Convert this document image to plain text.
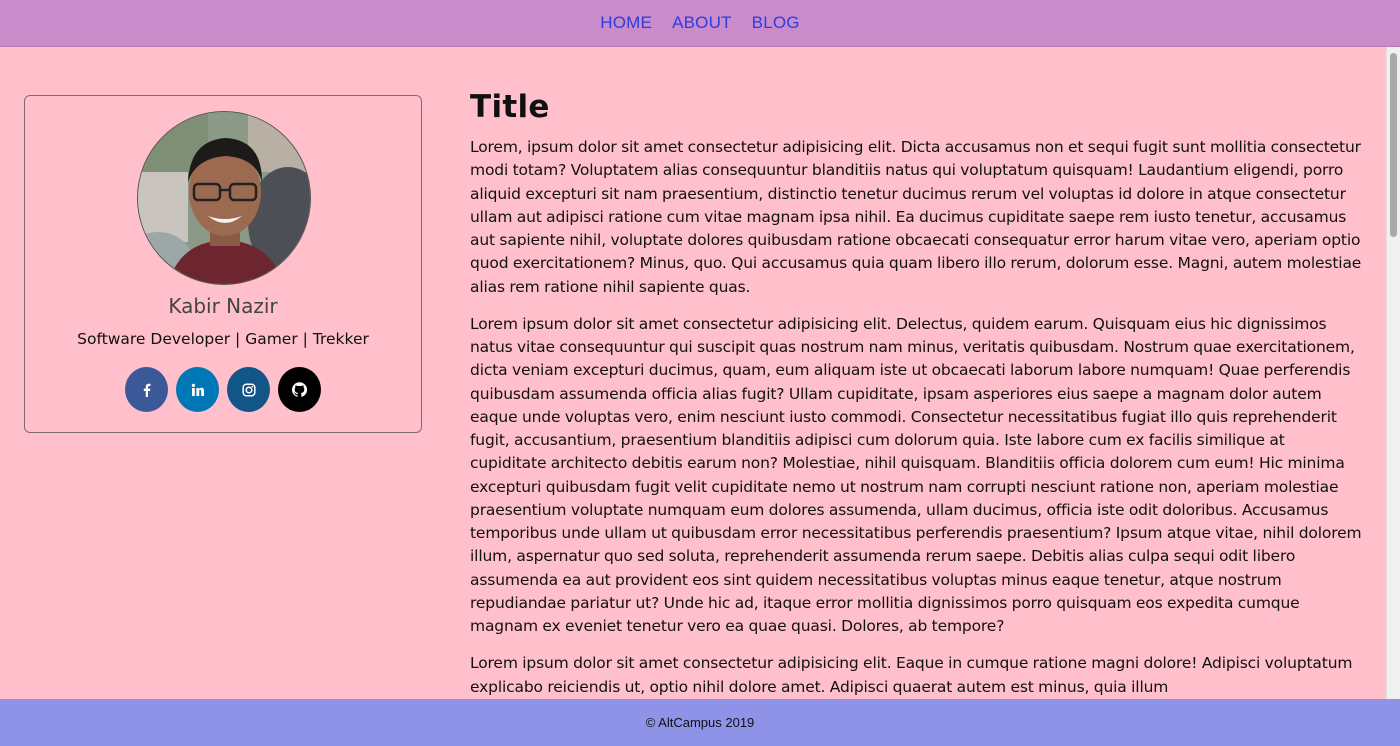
HOME ABOUT BLOG
Kabir Nazir
Software Developer | Gamer | Trekker
Title

Lorem, ipsum dolor sit amet consectetur adipisicing elit. Dicta accusamus non et sequi fugit sunt mollitia consectetur modi totam? Voluptatem alias consequuntur blanditiis natus qui voluptatum quisquam! Laudantium eligendi, porro aliquid excepturi sit nam praesentium, distinctio tenetur ducimus rerum vel voluptas id dolore in atque consectetur ullam aut adipisci ratione cum vitae magnam ipsa nihil. Ea ducimus cupiditate saepe rem iusto tenetur, accusamus aut sapiente nihil, voluptate dolores quibusdam ratione obcaecati consequatur error harum vitae vero, aperiam optio quod exercitationem? Minus, quo. Qui accusamus quia quam libero illo rerum, dolorum esse. Magni, autem molestiae alias rem ratione nihil sapiente quas.

Lorem ipsum dolor sit amet consectetur adipisicing elit. Delectus, quidem earum. Quisquam eius hic dignissimos natus vitae consequuntur qui suscipit quas nostrum nam minus, veritatis quibusdam. Nostrum quae exercitationem, dicta veniam excepturi ducimus, quam, eum aliquam iste ut obcaecati laborum labore numquam! Quae perferendis quibusdam assumenda officia alias fugit? Ullam cupiditate, ipsam asperiores eius saepe a magnam dolor autem eaque unde voluptas vero, enim nesciunt iusto commodi. Consectetur necessitatibus fugiat illo quis reprehenderit fugit, accusantium, praesentium blanditiis adipisci cum dolorum quia. Iste labore cum ex facilis similique at cupiditate architecto debitis earum non? Molestiae, nihil quisquam. Blanditiis officia dolorem cum eum! Hic minima excepturi quibusdam fugit velit cupiditate nemo ut nostrum nam corrupti nesciunt ratione non, aperiam molestiae praesentium voluptate numquam eum dolores assumenda, ullam ducimus, officia iste odit doloribus. Accusamus temporibus unde ullam ut quibusdam error necessitatibus perferendis praesentium? Ipsum atque vitae, nihil dolorem illum, aspernatur quo sed soluta, reprehenderit assumenda rerum saepe. Debitis alias culpa sequi odit libero assumenda ea aut provident eos sint quidem necessitatibus voluptas minus eaque tenetur, atque nostrum repudiandae pariatur ut? Unde hic ad, itaque error mollitia dignissimos porro quisquam eos expedita cumque magnam ex eveniet tenetur vero ea quae quasi. Dolores, ab tempore?

Lorem ipsum dolor sit amet consectetur adipisicing elit. Eaque in cumque ratione magni dolore! Adipisci voluptatum explicabo reiciendis ut, optio nihil dolore amet. Adipisci quaerat autem est minus, quia illum

© AltCampus 2019
